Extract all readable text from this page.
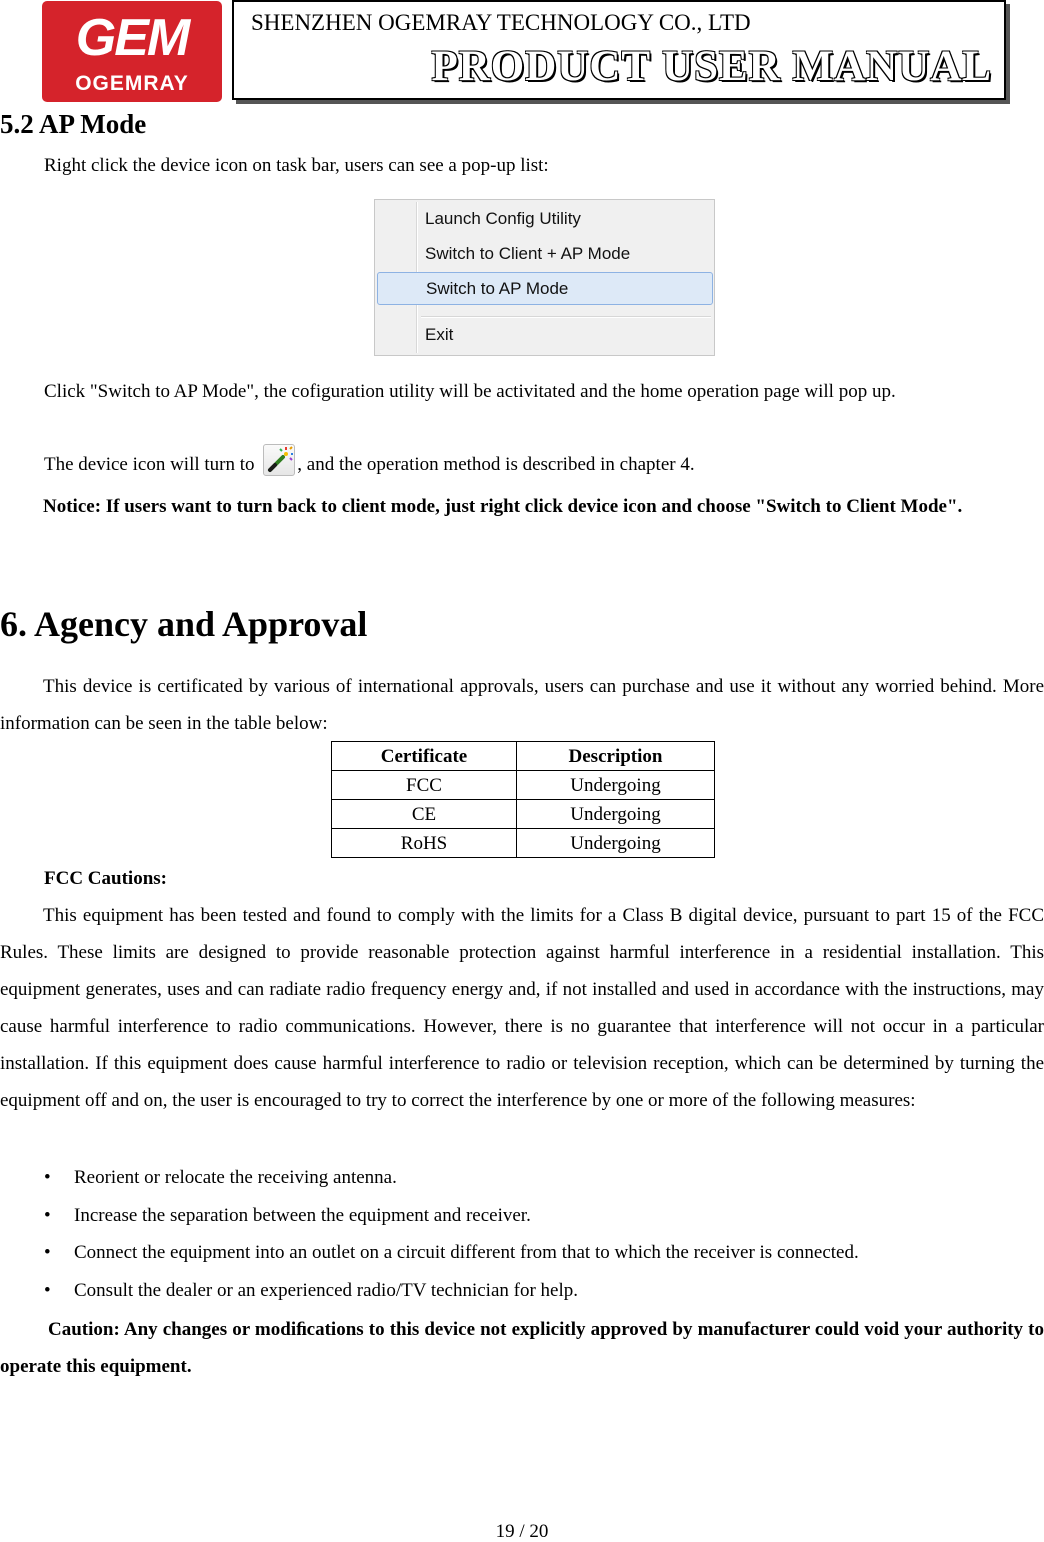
GEM
OGEMRAY
SHENZHEN OGEMRAY TECHNOLOGY CO., LTD
PRODUCT USER MANUAL
5.2 AP Mode
Right click the device icon on task bar, users can see a pop-up list:
Launch Config Utility
Switch to Client + AP Mode
Switch to AP Mode
Exit
Click "Switch to AP Mode", the cofiguration utility will be activitated and the home operation page will pop up.
The device icon will turn to , and the operation method is described in chapter 4.
Notice: If users want to turn back to client mode, just right click device icon and choose "Switch to Client Mode".
6. Agency and Approval
This device is certificated by various of international approvals, users can purchase and use it without any worried behind. More information can be seen in the table below:
Certificate	Description
FCC	Undergoing
CE	Undergoing
RoHS	Undergoing
FCC Cautions:
This equipment has been tested and found to comply with the limits for a Class B digital device, pursuant to part 15 of the FCC Rules. These limits are designed to provide reasonable protection against harmful interference in a residential installation. This equipment generates, uses and can radiate radio frequency energy and, if not installed and used in accordance with the instructions, may cause harmful interference to radio communications. However, there is no guarantee that interference will not occur in a particular installation. If this equipment does cause harmful interference to radio or television reception, which can be determined by turning the equipment off and on, the user is encouraged to try to correct the interference by one or more of the following measures:
• Reorient or relocate the receiving antenna.
• Increase the separation between the equipment and receiver.
• Connect the equipment into an outlet on a circuit different from that to which the receiver is connected.
• Consult the dealer or an experienced radio/TV technician for help.
Caution: Any changes or modiﬁcations to this device not explicitly approved by manufacturer could void your authority to operate this equipment.
19 / 20
